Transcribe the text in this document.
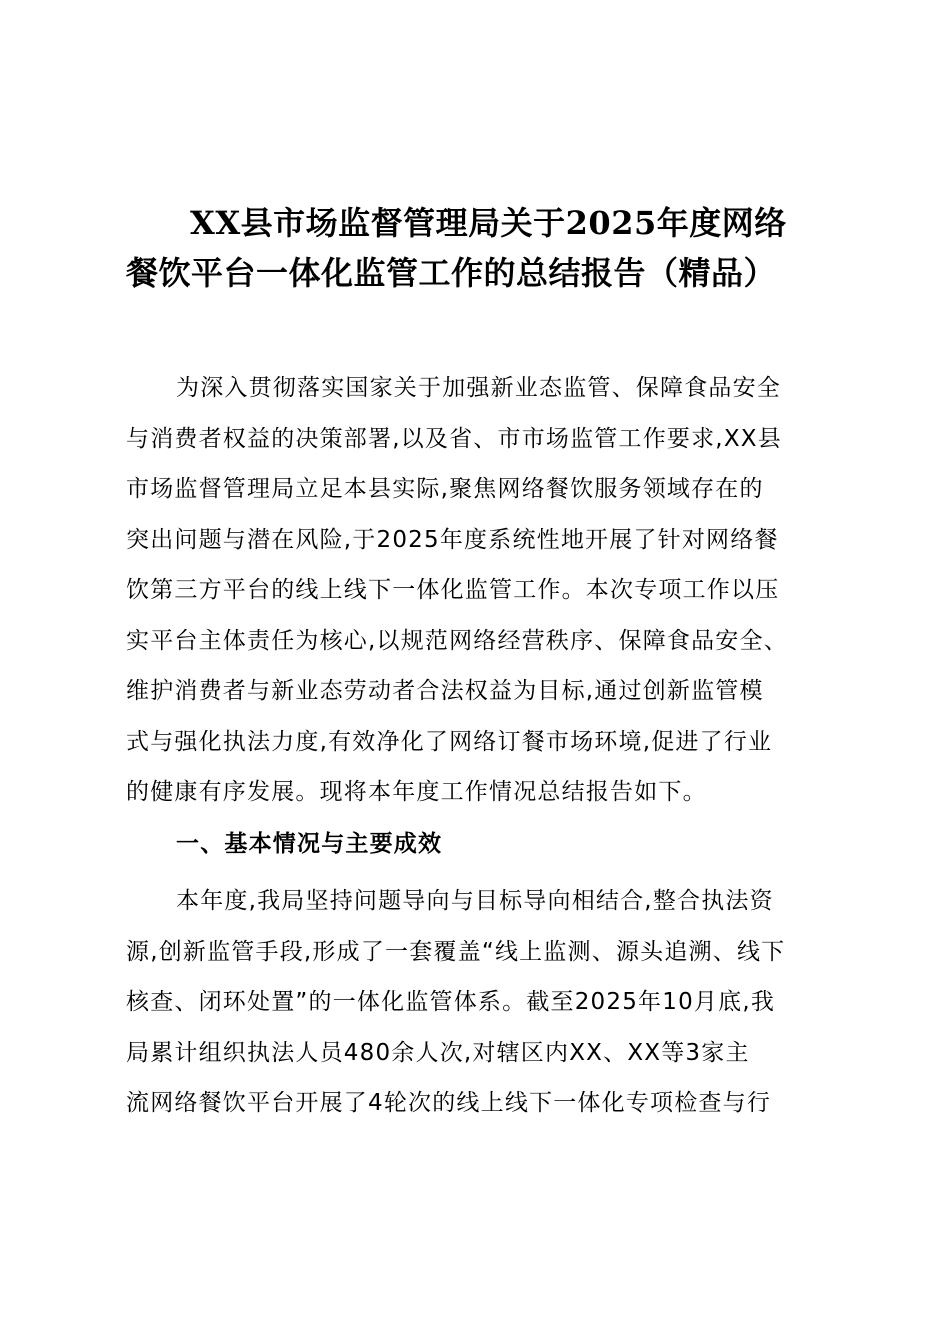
XX县市场监督管理局关于2025年度网络
餐饮平台一体化监管工作的总结报告（精品）

为深入贯彻落实国家关于加强新业态监管、保障食品安全
与消费者权益的决策部署,以及省、市市场监管工作要求,XX县
市场监督管理局立足本县实际,聚焦网络餐饮服务领域存在的
突出问题与潜在风险,于2025年度系统性地开展了针对网络餐
饮第三方平台的线上线下一体化监管工作。本次专项工作以压
实平台主体责任为核心,以规范网络经营秩序、保障食品安全、
维护消费者与新业态劳动者合法权益为目标,通过创新监管模
式与强化执法力度,有效净化了网络订餐市场环境,促进了行业
的健康有序发展。现将本年度工作情况总结报告如下。

一、基本情况与主要成效

本年度,我局坚持问题导向与目标导向相结合,整合执法资
源,创新监管手段,形成了一套覆盖“线上监测、源头追溯、线下
核查、闭环处置”的一体化监管体系。截至2025年10月底,我
局累计组织执法人员480余人次,对辖区内XX、XX等3家主
流网络餐饮平台开展了4轮次的线上线下一体化专项检查与行
